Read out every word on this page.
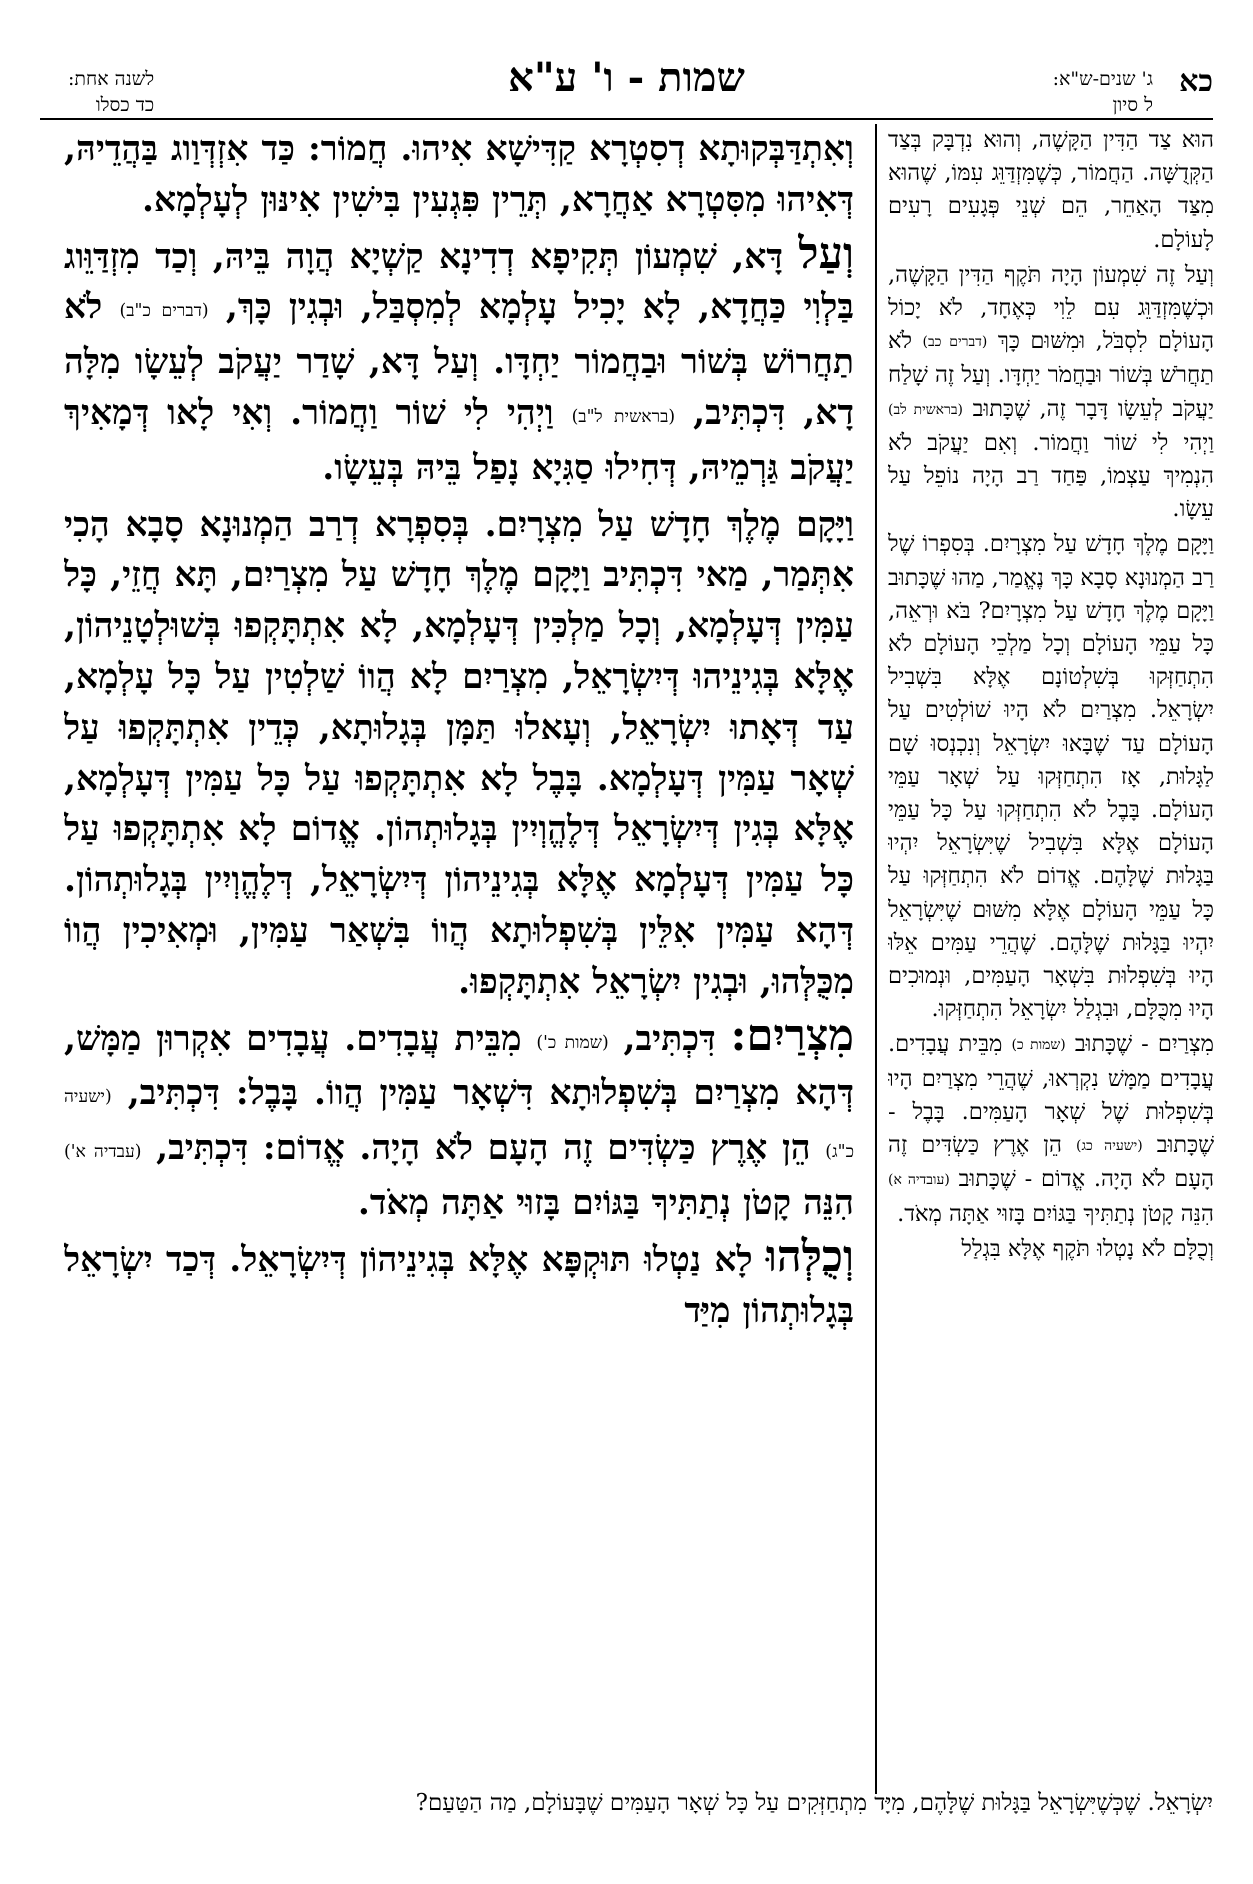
כא
ג' שנים-ש"א:
ל סיון
שמות - ו' ע"א
לשנה אחת:
כד כסלו

וְאִתְדַּבְּקוּתָא דְסִטְרָא קַדִּישָׁא אִיהוּ. חֲמוֹר: כַּד אִזְדְּוַוג בַּהֲדֵיהּ, דְּאִיהוּ מִסִּטְרָא אַחֲרָא, תְּרֵין פִּגְעִין בִּישִׁין אִינּוּן לְעָלְמָא.

וְעַל דָּא, שִׁמְעוֹן תְּקִיפָא דְדִינָא קַשְׁיָא הֲוָה בֵּיהּ, וְכַד מִזְדַּוֵּוג בַּלְוִי כַּחֲדָא, לָא יָכִיל עָלְמָא לְמִסְבַּל, וּבְגִין כָּךְ, (דברים כ"ב) לֹא תַחֲרוֹשׁ בְּשׁוֹר וּבַחֲמוֹר יַחְדָּו. וְעַל דָּא, שָׁדַר יַעֲקֹב לְעֵשָׂו מִלָּה דָא, דִּכְתִּיב, (בראשית ל"ב) וַיְהִי לִי שׁוֹר וַחֲמוֹר. וְאִי לָאו דְּמָאִיךְ יַעֲקֹב גַּרְמֵיהּ, דְּחִילוּ סַגִּיָא נָפַל בֵּיהּ בְּעֵשָׂו.

וַיָּקָם מֶלֶךְ חָדָשׁ עַל מִצְרָיִם. בְּסִפְרָא דְרַב הַמְנוּנָא סָבָא הָכִי אִתְּמַר, מַאי דִּכְתִּיב וַיָּקָם מֶלֶךְ חָדָשׁ עַל מִצְרַיִם, תָּא חֲזֵי, כָּל עַמִּין דְּעָלְמָא, וְכָל מַלְכִּין דְּעָלְמָא, לָא אִתְתָּקְפוּ בְּשׁוּלְטָנֵיהוֹן, אֶלָּא בְּגִינֵיהוּ דְּיִשְׂרָאֵל, מִצְרַיִם לָא הֲווֹ שַׁלְטִין עַל כָּל עָלְמָא, עַד דְּאָתוּ יִשְׂרָאֵל, וְעָאלוּ תַּמָּן בְּגָלוּתָא, כְּדֵין אִתְתָּקְפוּ עַל שְׁאָר עַמִּין דְּעָלְמָא. בָּבֶל לָא אִתְתָּקְפוּ עַל כָּל עַמִּין דְּעָלְמָא, אֶלָּא בְּגִין דְּיִשְׂרָאֵל דְּלֶהֱוְיִין בְּגָלוּתְהוֹן. אֱדוֹם לָא אִתְתָּקְפוּ עַל כָּל עַמִּין דְּעָלְמָא אֶלָּא בְּגִינֵיהוֹן דְּיִשְׂרָאֵל, דְּלֶהֱוְיִין בְּגָלוּתְהוֹן. דְּהָא עַמִּין אִלֵּין בְּשִׁפְלוּתָא הֲווֹ בִּשְׁאַר עַמִּין, וּמְאִיכִין הֲווֹ מִכֻּלְּהוּ, וּבְגִין יִשְׂרָאֵל אִתְתָּקְפוּ.

מִצְרַיִם: דִּכְתִּיב, (שמות כ') מִבֵּית עֲבָדִים. עֲבָדִים אִקְרוּן מַמָּשׁ, דְּהָא מִצְרַיִם בְּשִׁפְלוּתָא דִּשְׁאָר עַמִּין הֲווֹ. בָּבֶל: דִּכְתִּיב, (ישעיה כ"ג) הֵן אֶרֶץ כַּשְׂדִּים זֶה הָעָם לֹא הָיָה. אֱדוֹם: דִּכְתִּיב, (עבדיה א') הִנֵּה קָטֹן נְתַתִּיךָ בַּגּוֹיִם בָּזוּי אַתָּה מְאֹד.

וְכֻלְּהוּ לָא נַטְלוּ תּוּקְפָּא אֶלָּא בְּגִינֵיהוֹן דְּיִשְׂרָאֵל. דְּכַד יִשְׂרָאֵל בְּגָלוּתְהוֹן מִיַּד

הוּא צַד הַדִּין הַקָּשֶׁה, וְהוּא נִדְבָּק בְּצַד הַקְּדֻשָּׁה. הַחֲמוֹר, כְּשֶׁמִּזְדַּוֵּג עִמּוֹ, שֶׁהוּא מִצַּד הָאַחֵר, הֵם שְׁנֵי פְּגָעִים רָעִים לָעוֹלָם.

וְעַל זֶה שִׁמְעוֹן הָיָה תֹּקֶף הַדִּין הַקָּשֶׁה, וּכְשֶׁמִּזְדַּוֵּג עִם לֵוִי כְּאֶחָד, לֹא יָכוֹל הָעוֹלָם לִסְבֹּל, וּמִשּׁוּם כָּךְ (דברים כב) לֹא תַחֲרֹשׁ בְּשׁוֹר וּבַחֲמֹר יַחְדָּו. וְעַל זֶה שָׁלַח יַעֲקֹב לְעֵשָׂו דָּבָר זֶה, שֶׁכָּתוּב (בראשית לב) וַיְהִי לִי שׁוֹר וַחֲמוֹר. וְאִם יַעֲקֹב לֹא הִנְמִיךְ עַצְמוֹ, פַּחַד רַב הָיָה נוֹפֵל עַל עֵשָׂו.

וַיָּקָם מֶלֶךְ חָדָשׁ עַל מִצְרָיִם. בְּסִפְרוֹ שֶׁל רַב הַמְנוּנָא סָבָא כָּךְ נֶאֱמַר, מַהוּ שֶׁכָּתוּב וַיָּקָם מֶלֶךְ חָדָשׁ עַל מִצְרָיִם? בֹּא וּרְאֵה, כָּל עַמֵּי הָעוֹלָם וְכָל מַלְכֵי הָעוֹלָם לֹא הִתְחַזְּקוּ בְּשִׁלְטוֹנָם אֶלָּא בִּשְׁבִיל יִשְׂרָאֵל. מִצְרַיִם לֹא הָיוּ שׁוֹלְטִים עַל הָעוֹלָם עַד שֶׁבָּאוּ יִשְׂרָאֵל וְנִכְנְסוּ שָׁם לַגָּלוּת, אָז הִתְחַזְּקוּ עַל שְׁאָר עַמֵּי הָעוֹלָם. בָּבֶל לֹא הִתְחַזְּקוּ עַל כָּל עַמֵּי הָעוֹלָם אֶלָּא בִּשְׁבִיל שֶׁיִּשְׂרָאֵל יִהְיוּ בַּגָּלוּת שֶׁלָּהֶם. אֱדוֹם לֹא הִתְחַזְּקוּ עַל כָּל עַמֵּי הָעוֹלָם אֶלָּא מִשּׁוּם שֶׁיִּשְׂרָאֵל יִהְיוּ בַּגָּלוּת שֶׁלָּהֶם. שֶׁהֲרֵי עַמִּים אֵלּוּ הָיוּ בְּשִׁפְלוּת בִּשְׁאָר הָעַמִּים, וּנְמוּכִים הָיוּ מִכֻּלָּם, וּבִגְלַל יִשְׂרָאֵל הִתְחַזְּקוּ.

מִצְרַיִם - שֶׁכָּתוּב (שמות כ) מִבֵּית עֲבָדִים. עֲבָדִים מַמָּשׁ נִקְרְאוּ, שֶׁהֲרֵי מִצְרַיִם הָיוּ בְּשִׁפְלוּת שֶׁל שְׁאָר הָעַמִּים. בָּבֶל - שֶׁכָּתוּב (ישעיה כג) הֵן אֶרֶץ כַּשְׂדִּים זֶה הָעָם לֹא הָיָה. אֱדוֹם - שֶׁכָּתוּב (עובדיה א) הִנֵּה קָטֹן נְתַתִּיךָ בַּגּוֹיִם בָּזוּי אַתָּה מְאֹד.

וְכֻלָּם לֹא נָטְלוּ תֹּקֶף אֶלָּא בִּגְלַל

יִשְׂרָאֵל. שֶׁכְּשֶׁיִּשְׂרָאֵל בַּגָּלוּת שֶׁלָּהֶם, מִיָּד מִתְחַזְּקִים עַל כָּל שְׁאָר הָעַמִּים שֶׁבָּעוֹלָם, מַה הַטַּעַם?
